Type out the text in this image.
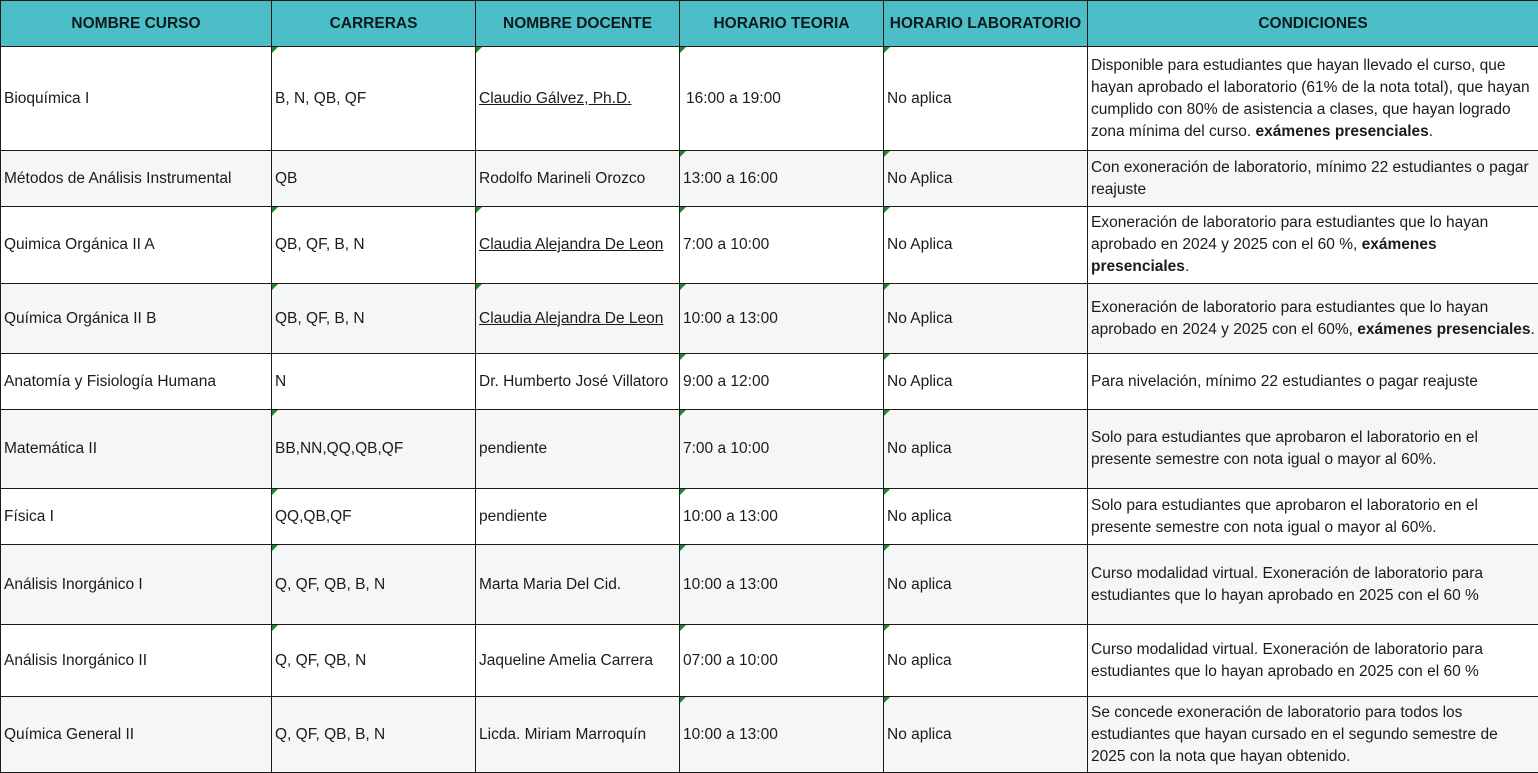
NOMBRE CURSO	CARRERAS	NOMBRE DOCENTE	HORARIO TEORIA	HORARIO LABORATORIO	CONDICIONES
Bioquímica I	B, N, QB, QF	Claudio Gálvez, Ph.D.	16:00 a 19:00	No aplica	Disponible para estudiantes que hayan llevado el curso, que hayan aprobado el laboratorio (61% de la nota total), que hayan cumplido con 80% de asistencia a clases, que hayan logrado zona mínima del curso. exámenes presenciales.
Métodos de Análisis Instrumental	QB	Rodolfo Marineli Orozco	13:00 a 16:00	No Aplica	Con exoneración de laboratorio, mínimo 22 estudiantes o pagar reajuste
Quimica Orgánica II A	QB, QF, B, N	Claudia Alejandra De Leon	7:00 a 10:00	No Aplica	Exoneración de laboratorio para estudiantes que lo hayan aprobado en 2024 y 2025 con el 60 %, exámenes presenciales.
Química Orgánica II B	QB, QF, B, N	Claudia Alejandra De Leon	10:00 a 13:00	No Aplica	Exoneración de laboratorio para estudiantes que lo hayan aprobado en 2024 y 2025 con el 60%, exámenes presenciales.
Anatomía y Fisiología Humana	N	Dr. Humberto José Villatoro	9:00 a 12:00	No Aplica	Para nivelación, mínimo 22 estudiantes o pagar reajuste
Matemática II	BB,NN,QQ,QB,QF	pendiente	7:00 a 10:00	No aplica	Solo para estudiantes que aprobaron el laboratorio en el presente semestre con nota igual o mayor al 60%.
Física I	QQ,QB,QF	pendiente	10:00 a 13:00	No aplica	Solo para estudiantes que aprobaron el laboratorio en el presente semestre con nota igual o mayor al 60%.
Análisis Inorgánico I	Q, QF, QB, B, N	Marta Maria Del Cid.	10:00 a 13:00	No aplica	Curso modalidad virtual. Exoneración de laboratorio para estudiantes que lo hayan aprobado en 2025 con el 60 %
Análisis Inorgánico II	Q, QF, QB, N	Jaqueline Amelia Carrera	07:00 a 10:00	No aplica	Curso modalidad virtual. Exoneración de laboratorio para estudiantes que lo hayan aprobado en 2025 con el 60 %
Química General II	Q, QF, QB, B, N	Licda. Miriam Marroquín	10:00 a 13:00	No aplica	Se concede exoneración de laboratorio para todos los estudiantes que hayan cursado en el segundo semestre de 2025 con la nota que hayan obtenido.
